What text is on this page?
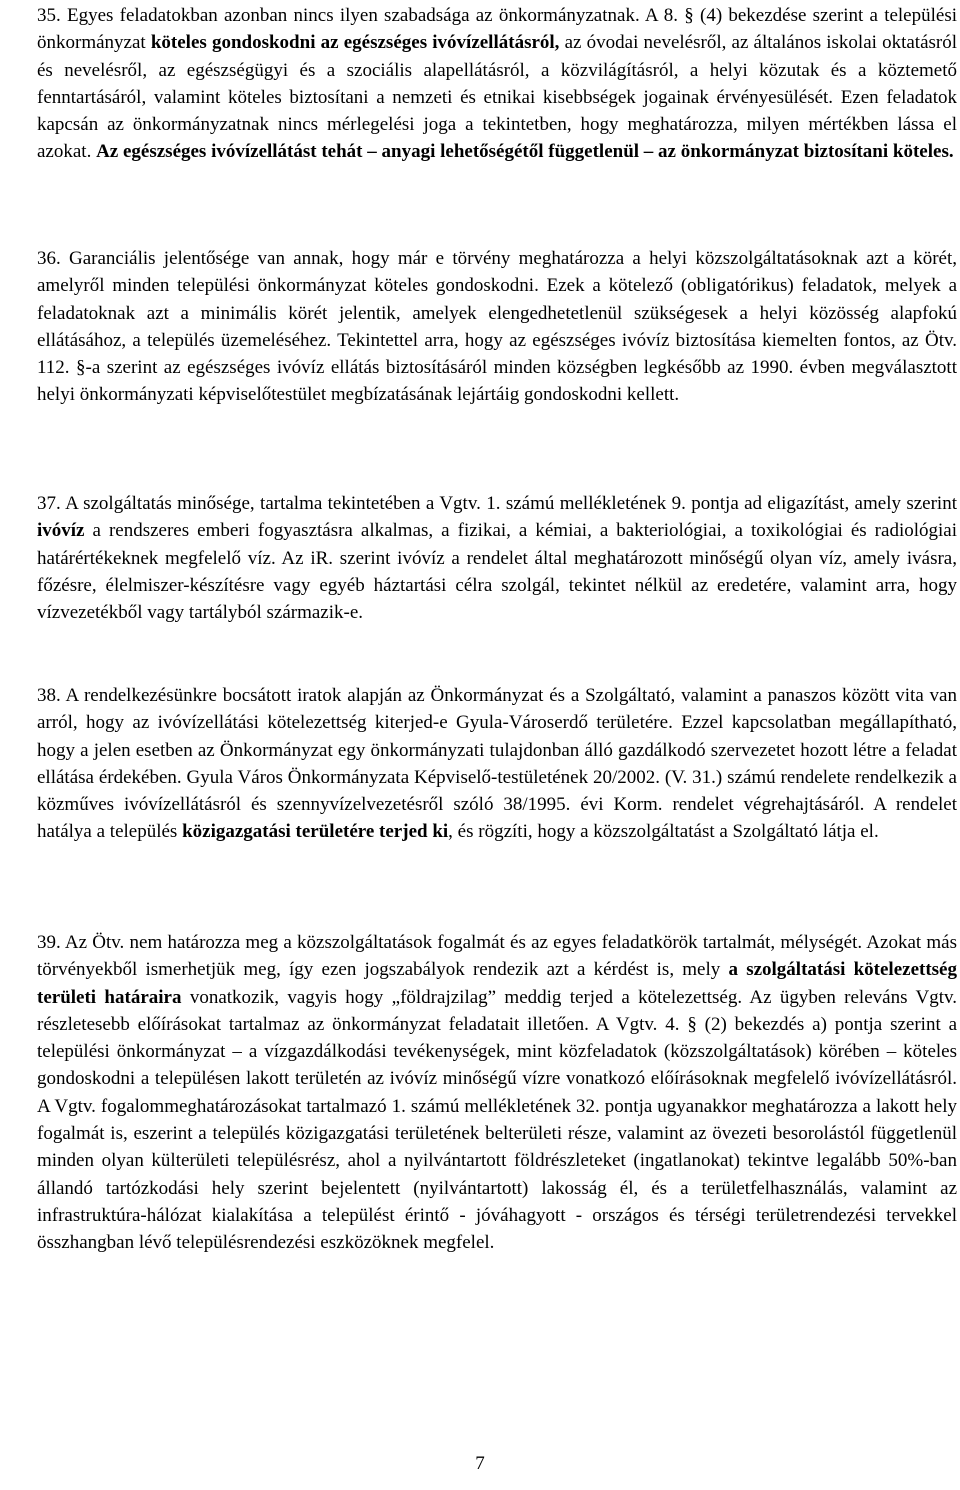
35. Egyes feladatokban azonban nincs ilyen szabadsága az önkormányzatnak. A 8. § (4) bekezdése szerint a települési önkormányzat köteles gondoskodni az egészséges ivóvízellátásról, az óvodai nevelésről, az általános iskolai oktatásról és nevelésről, az egészségügyi és a szociális alapellátásról, a közvilágításról, a helyi közutak és a köztemető fenntartásáról, valamint köteles biztosítani a nemzeti és etnikai kisebbségek jogainak érvényesülését. Ezen feladatok kapcsán az önkormányzatnak nincs mérlegelési joga a tekintetben, hogy meghatározza, milyen mértékben lássa el azokat. Az egészséges ivóvízellátást tehát – anyagi lehetőségétől függetlenül – az önkormányzat biztosítani köteles.
36. Garanciális jelentősége van annak, hogy már e törvény meghatározza a helyi közszolgáltatásoknak azt a körét, amelyről minden települési önkormányzat köteles gondoskodni. Ezek a kötelező (obligatórikus) feladatok, melyek a feladatoknak azt a minimális körét jelentik, amelyek elengedhetetlenül szükségesek a helyi közösség alapfokú ellátásához, a település üzemeléséhez. Tekintettel arra, hogy az egészséges ivóvíz biztosítása kiemelten fontos, az Ötv. 112. §-a szerint az egészséges ivóvíz ellátás biztosításáról minden községben legkésőbb az 1990. évben megválasztott helyi önkormányzati képviselőtestület megbízatásának lejártáig gondoskodni kellett.
37. A szolgáltatás minősége, tartalma tekintetében a Vgtv. 1. számú mellékletének 9. pontja ad eligazítást, amely szerint ivóvíz a rendszeres emberi fogyasztásra alkalmas, a fizikai, a kémiai, a bakteriológiai, a toxikológiai és radiológiai határértékeknek megfelelő víz. Az iR. szerint ivóvíz a rendelet által meghatározott minőségű olyan víz, amely ivásra, főzésre, élelmiszer-készítésre vagy egyéb háztartási célra szolgál, tekintet nélkül az eredetére, valamint arra, hogy vízvezetékből vagy tartályból származik-e.
38. A rendelkezésünkre bocsátott iratok alapján az Önkormányzat és a Szolgáltató, valamint a panaszos között vita van arról, hogy az ivóvízellátási kötelezettség kiterjed-e Gyula-Városerdő területére. Ezzel kapcsolatban megállapítható, hogy a jelen esetben az Önkormányzat egy önkormányzati tulajdonban álló gazdálkodó szervezetet hozott létre a feladat ellátása érdekében. Gyula Város Önkormányzata Képviselő-testületének 20/2002. (V. 31.) számú rendelete rendelkezik a közműves ivóvízellátásról és szennyvízelvezetésről szóló 38/1995. évi Korm. rendelet végrehajtásáról. A rendelet hatálya a település közigazgatási területére terjed ki, és rögzíti, hogy a közszolgáltatást a Szolgáltató látja el.
39. Az Ötv. nem határozza meg a közszolgáltatások fogalmát és az egyes feladatkörök tartalmát, mélységét. Azokat más törvényekből ismerhetjük meg, így ezen jogszabályok rendezik azt a kérdést is, mely a szolgáltatási kötelezettség területi határaira vonatkozik, vagyis hogy „földrajzilag” meddig terjed a kötelezettség. Az ügyben releváns Vgtv. részletesebb előírásokat tartalmaz az önkormányzat feladatait illetően. A Vgtv. 4. § (2) bekezdés a) pontja szerint a települési önkormányzat – a vízgazdálkodási tevékenységek, mint közfeladatok (közszolgáltatások) körében – köteles gondoskodni a településen lakott területén az ivóvíz minőségű vízre vonatkozó előírásoknak megfelelő ivóvízellátásról. A Vgtv. fogalommeghatározásokat tartalmazó 1. számú mellékletének 32. pontja ugyanakkor meghatározza a lakott hely fogalmát is, eszerint a település közigazgatási területének belterületi része, valamint az övezeti besorolástól függetlenül minden olyan külterületi településrész, ahol a nyilvántartott földrészleteket (ingatlanokat) tekintve legalább 50%-ban állandó tartózkodási hely szerint bejelentett (nyilvántartott) lakosság él, és a területfelhasználás, valamint az infrastruktúra-hálózat kialakítása a települést érintő - jóváhagyott - országos és térségi területrendezési tervekkel összhangban lévő településrendezési eszközöknek megfelel.
7
